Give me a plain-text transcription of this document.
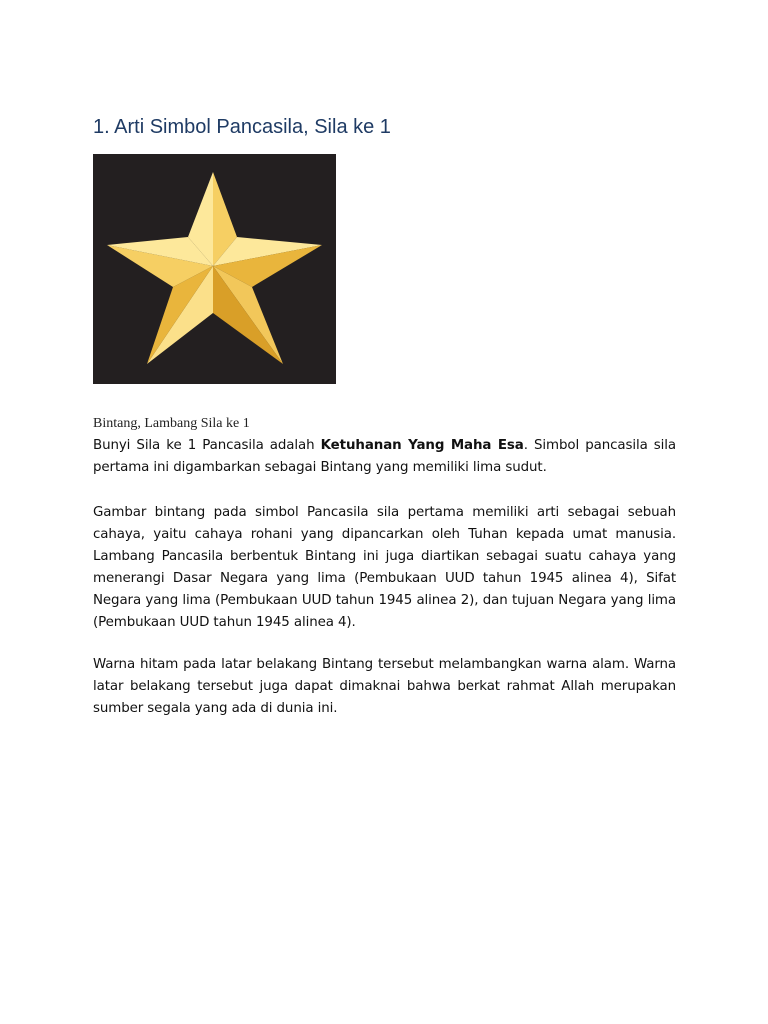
1. Arti Simbol Pancasila, Sila ke 1

Bintang, Lambang Sila ke 1

Bunyi Sila ke 1 Pancasila adalah Ketuhanan Yang Maha Esa. Simbol pancasila sila pertama ini digambarkan sebagai Bintang yang memiliki lima sudut.

Gambar bintang pada simbol Pancasila sila pertama memiliki arti sebagai sebuah cahaya, yaitu cahaya rohani yang dipancarkan oleh Tuhan kepada umat manusia. Lambang Pancasila berbentuk Bintang ini juga diartikan sebagai suatu cahaya yang menerangi Dasar Negara yang lima (Pembukaan UUD tahun 1945 alinea 4), Sifat Negara yang lima (Pembukaan UUD tahun 1945 alinea 2), dan tujuan Negara yang lima (Pembukaan UUD tahun 1945 alinea 4).

Warna hitam pada latar belakang Bintang tersebut melambangkan warna alam. Warna latar belakang tersebut juga dapat dimaknai bahwa berkat rahmat Allah merupakan sumber segala yang ada di dunia ini.
